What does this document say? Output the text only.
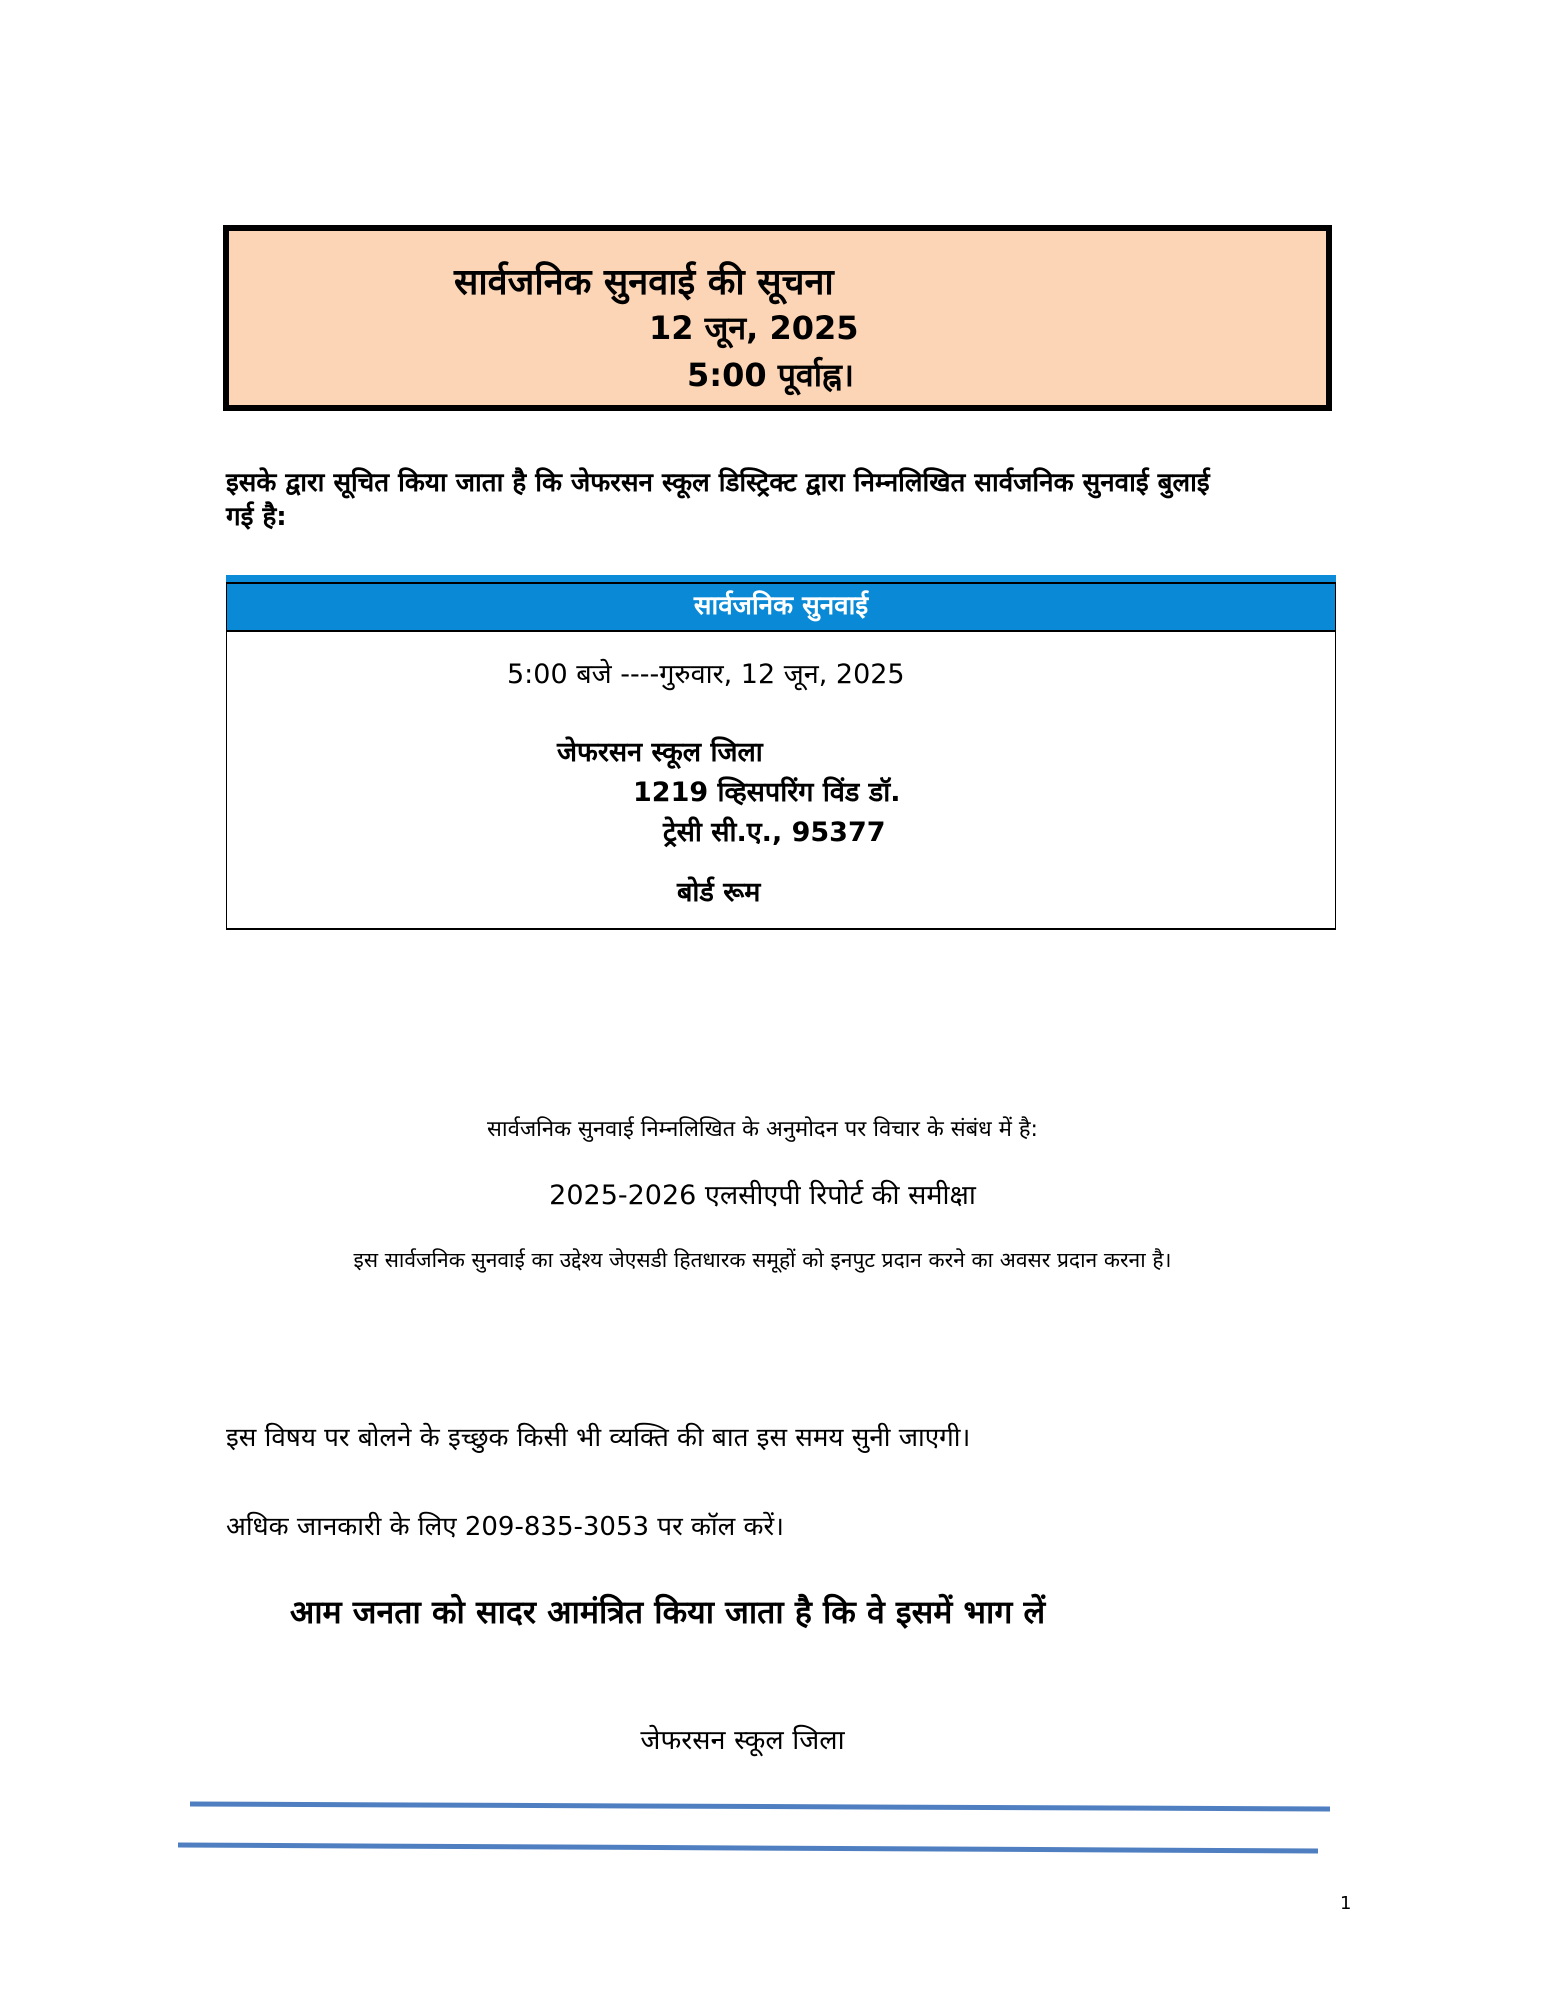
सार्वजनिक सुनवाई की सूचना
12 जून, 2025
5:00 पूर्वाह्न।
इसके द्वारा सूचित किया जाता है कि जेफरसन स्कूल डिस्ट्रिक्ट द्वारा निम्नलिखित सार्वजनिक सुनवाई बुलाई गई है:
सार्वजनिक सुनवाई
5:00 बजे ----गुरुवार, 12 जून, 2025
जेफरसन स्कूल जिला
1219 व्हिसपरिंग विंड डॉ.
ट्रेसी सी.ए., 95377
बोर्ड रूम
सार्वजनिक सुनवाई निम्नलिखित के अनुमोदन पर विचार के संबंध में है:
2025-2026 एलसीएपी रिपोर्ट की समीक्षा
इस सार्वजनिक सुनवाई का उद्देश्य जेएसडी हितधारक समूहों को इनपुट प्रदान करने का अवसर प्रदान करना है।
इस विषय पर बोलने के इच्छुक किसी भी व्यक्ति की बात इस समय सुनी जाएगी।
अधिक जानकारी के लिए 209-835-3053 पर कॉल करें।
आम जनता को सादर आमंत्रित किया जाता है कि वे इसमें भाग लें
जेफरसन स्कूल जिला
1
